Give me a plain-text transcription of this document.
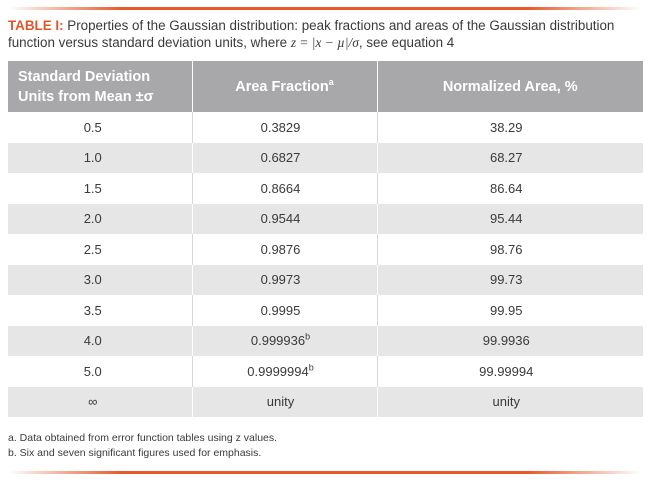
TABLE I: Properties of the Gaussian distribution: peak fractions and areas of the Gaussian distribution function versus standard deviation units, where z = |x − µ|/σ, see equation 4
Standard Deviation
Units from Mean ±σ	Area Fraction$^a$	Normalized Area, %
0.5	0.3829	38.29
1.0	0.6827	68.27
1.5	0.8664	86.64
2.0	0.9544	95.44
2.5	0.9876	98.76
3.0	0.9973	99.73
3.5	0.9995	99.95
4.0	0.999936$^b$	99.9936
5.0	0.9999994$^b$	99.99994
∞	unity	unity
a. Data obtained from error function tables using z values.
b. Six and seven significant figures used for emphasis.
